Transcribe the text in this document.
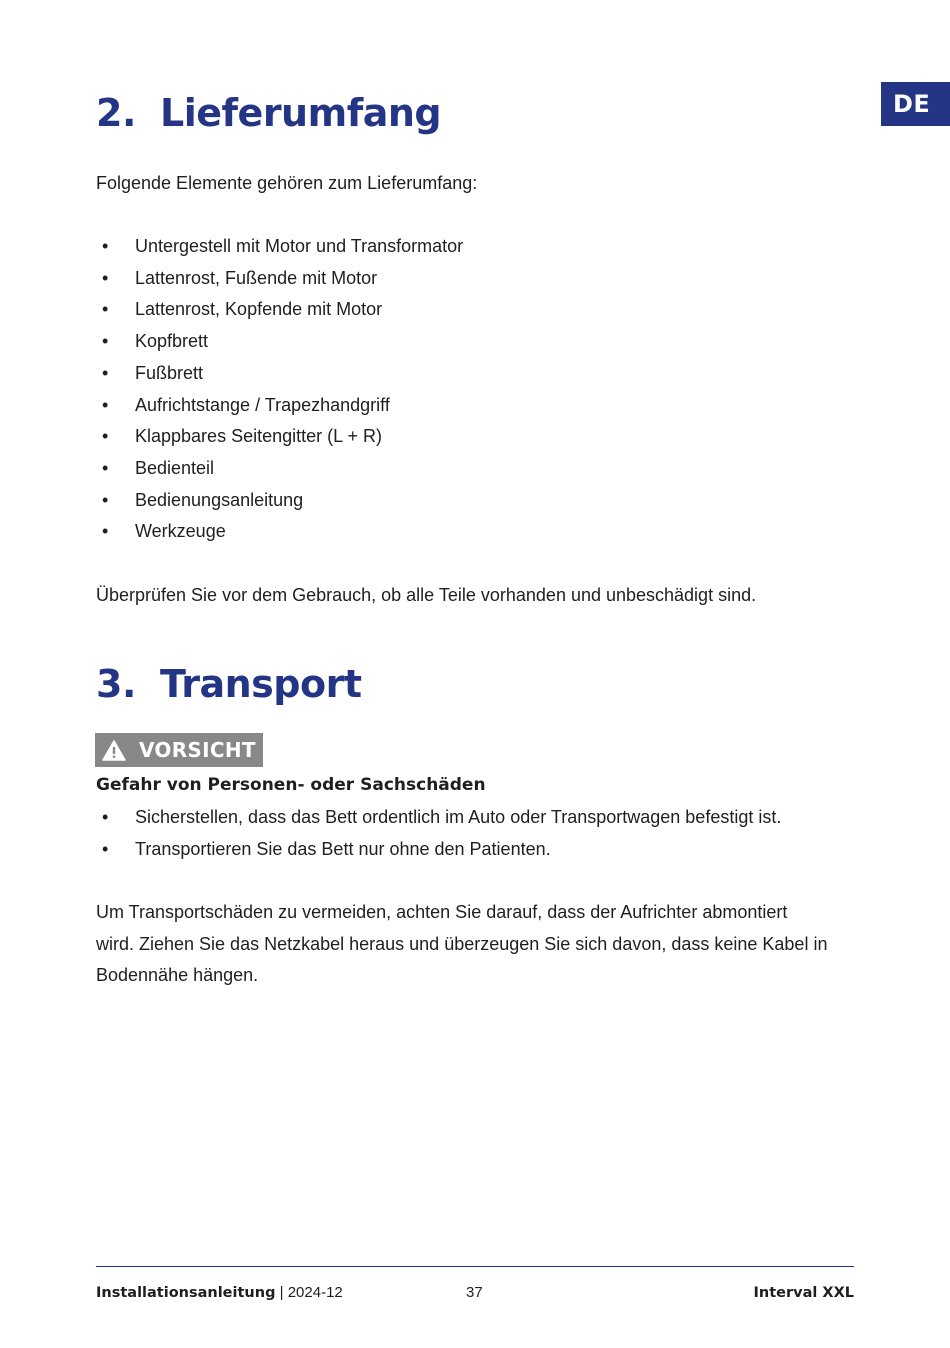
DE
2. Lieferumfang

Folgende Elemente gehören zum Lieferumfang:

• Untergestell mit Motor und Transformator
• Lattenrost, Fußende mit Motor
• Lattenrost, Kopfende mit Motor
• Kopfbrett
• Fußbrett
• Aufrichtstange / Trapezhandgriff
• Klappbares Seitengitter (L + R)
• Bedienteil
• Bedienungsanleitung
• Werkzeuge

Überprüfen Sie vor dem Gebrauch, ob alle Teile vorhanden und unbeschädigt sind.

3. Transport
VORSICHT

Gefahr von Personen- oder Sachschäden

• Sicherstellen, dass das Bett ordentlich im Auto oder Transportwagen befestigt ist.
• Transportieren Sie das Bett nur ohne den Patienten.

Um Transportschäden zu vermeiden, achten Sie darauf, dass der Aufrichter abmontiert
wird. Ziehen Sie das Netzkabel heraus und überzeugen Sie sich davon, dass keine Kabel in
Bodennähe hängen.

Installationsanleitung | 2024-12	37	Interval XXL
